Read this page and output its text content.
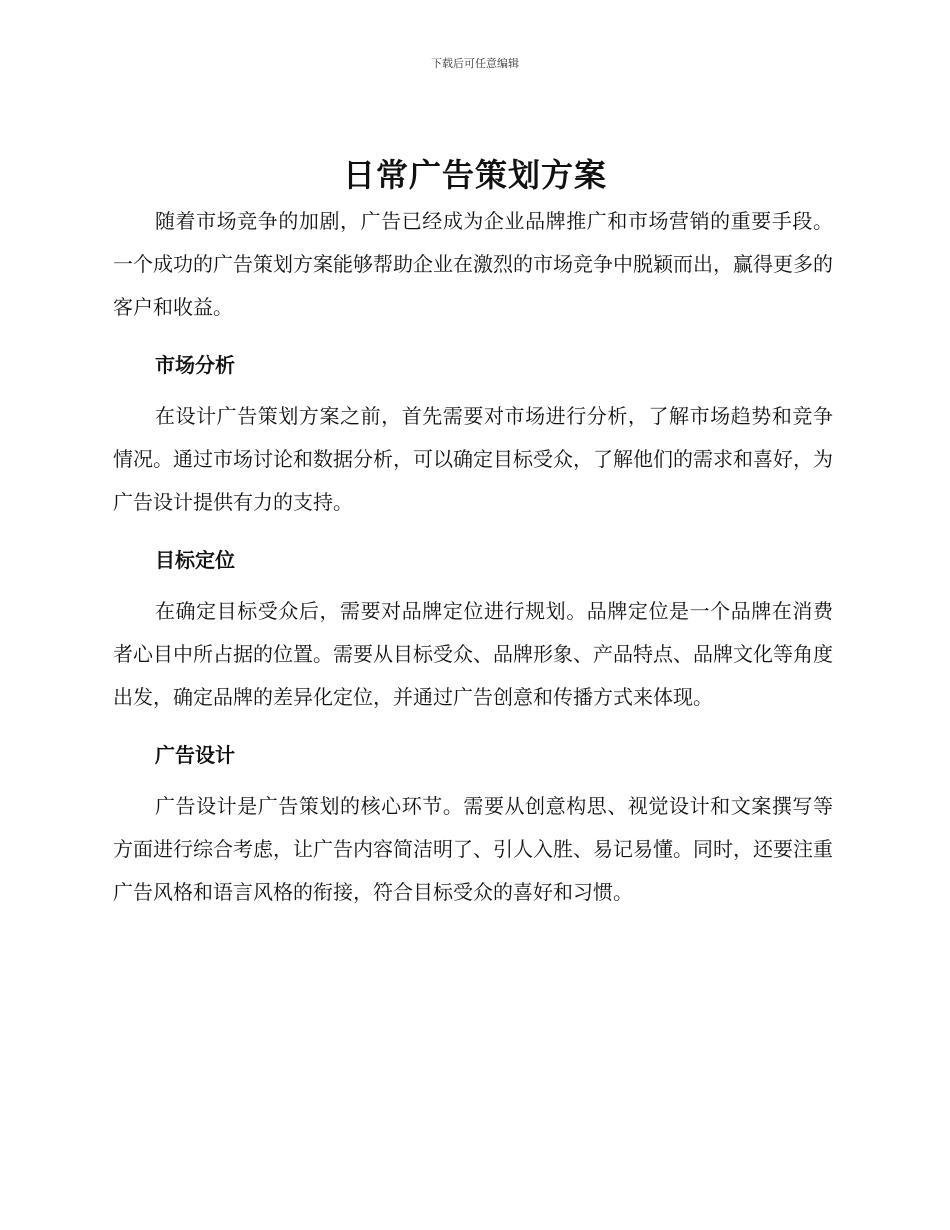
下载后可任意编辑
日常广告策划方案

随着市场竞争的加剧，广告已经成为企业品牌推广和市场营销的重要手段。一个成功的广告策划方案能够帮助企业在激烈的市场竞争中脱颖而出，赢得更多的客户和收益。

市场分析

在设计广告策划方案之前，首先需要对市场进行分析，了解市场趋势和竞争情况。通过市场讨论和数据分析，可以确定目标受众，了解他们的需求和喜好，为广告设计提供有力的支持。

目标定位

在确定目标受众后，需要对品牌定位进行规划。品牌定位是一个品牌在消费者心目中所占据的位置。需要从目标受众、品牌形象、产品特点、品牌文化等角度出发，确定品牌的差异化定位，并通过广告创意和传播方式来体现。

广告设计

广告设计是广告策划的核心环节。需要从创意构思、视觉设计和文案撰写等方面进行综合考虑，让广告内容简洁明了、引人入胜、易记易懂。同时，还要注重广告风格和语言风格的衔接，符合目标受众的喜好和习惯。
